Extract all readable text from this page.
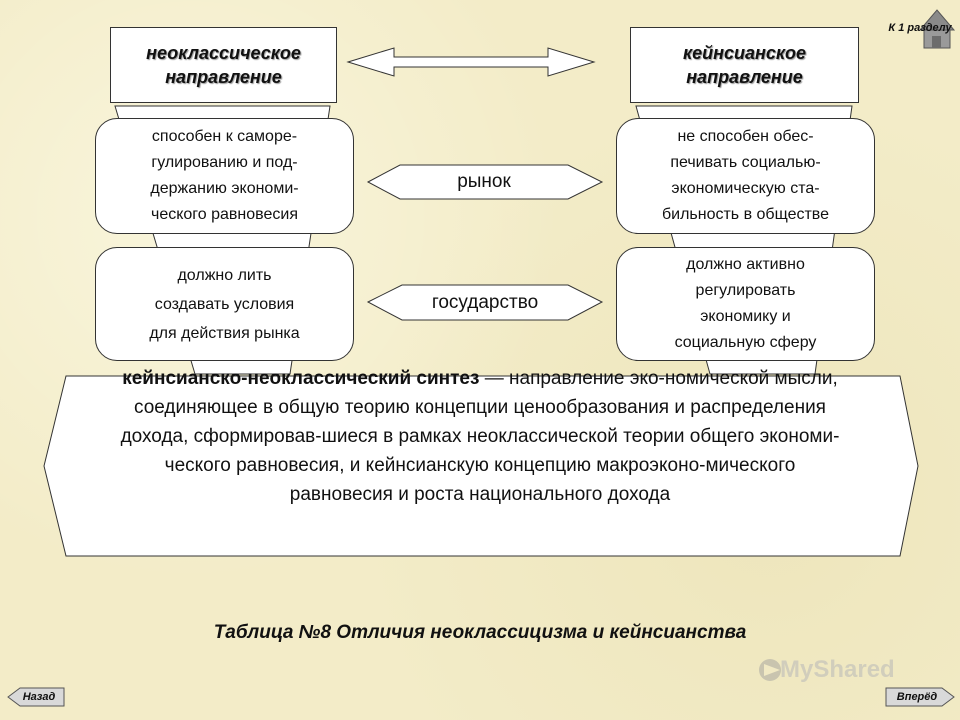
неоклассическое
направление
кейнсианское
направление
способен к саморе-
гулированию и под-
держанию экономи-
ческого равновесия
рынок
не способен обес-
печивать социалью-
экономическую ста-
бильность в обществе
должно лить
создавать условия
для действия рынка
государство
должно активно
регулировать
экономику и
социальную сферу
кейнсианско-неоклассический синтез — направление эко-номической мысли, соединяющее в общую теорию концепции ценообразования и распределения дохода, сформировав-шиеся в рамках неоклассической теории общего экономи-ческого равновесия, и кейнсианскую концепцию макроэконо-мического равновесия и роста национального дохода
Таблица №8 Отличия неоклассицизма и кейнсианства
Назад	Вперёд
К 1 разделу
MyShared
